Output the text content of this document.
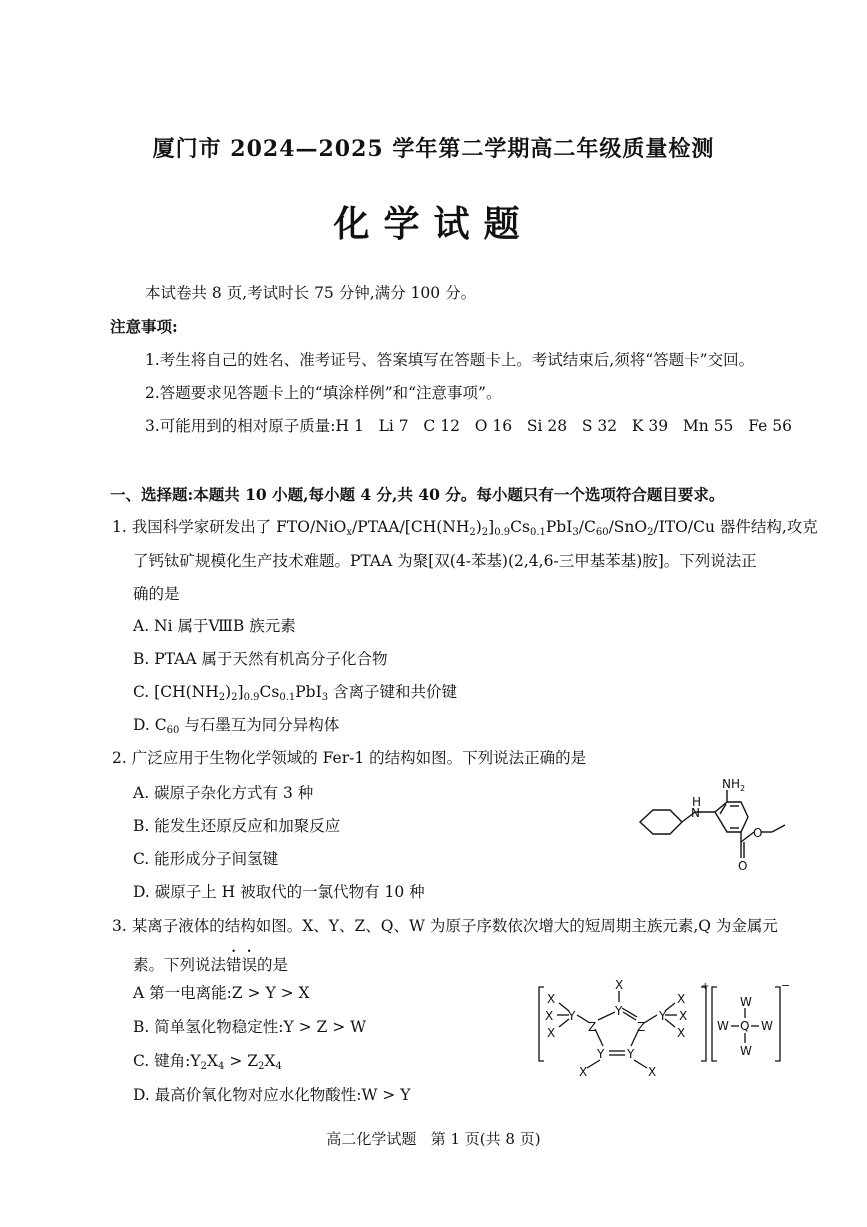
厦门市 2024—2025 学年第二学期高二年级质量检测
化学试题
本试卷共 8 页,考试时长 75 分钟,满分 100 分。
注意事项:
1.考生将自己的姓名、准考证号、答案填写在答题卡上。考试结束后,须将“答题卡”交回。
2.答题要求见答题卡上的“填涂样例”和“注意事项”。
3.可能用到的相对原子质量:H 1   Li 7   C 12   O 16   Si 28   S 32   K 39   Mn 55   Fe 56
一、选择题:本题共 10 小题,每小题 4 分,共 40 分。每小题只有一个选项符合题目要求。
1. 我国科学家研发出了 FTO/$NiO_x/PTAA/[CH(NH_2)_2]_{0.9}Cs_{0.1}PbI_3/C_{60}/SnO_2/ITO/Cu$ 器件结构,攻克
了钙钛矿规模化生产技术难题。PTAA 为聚[双(4-苯基)(2,4,6-三甲基苯基)胺]。下列说法正
确的是
A. Ni 属于ⅧB 族元素
B. PTAA 属于天然有机高分子化合物
C. $[CH(NH_2)_2]_{0.9}Cs_{0.1}PbI_3$ 含离子键和共价键
D. $C_{60}$ 与石墨互为同分异构体
2. 广泛应用于生物化学领域的 Fer-1 的结构如图。下列说法正确的是
A. 碳原子杂化方式有 3 种
B. 能发生还原反应和加聚反应
C. 能形成分子间氢键
D. 碳原子上 H 被取代的一氯代物有 10 种
$NH_2$
H
N
O
O
3. 某离子液体的结构如图。X、Y、Z、Q、W 为原子序数依次增大的短周期主族元素,Q 为金属元
素。下列说法错误的是
A 第一电离能:Z > Y > X
B. 简单氢化物稳定性:Y > Z > W
C. 键角$:Y_2X_4 > Z_2X_4$
D. 最高价氧化物对应水化物酸性:W > Y
X
Y
Z	Z
Y Y
Y	Y
X
X
X
X
X
X
X	X
+
W
W Q W
W
−
高二化学试题   第 1 页(共 8 页)
